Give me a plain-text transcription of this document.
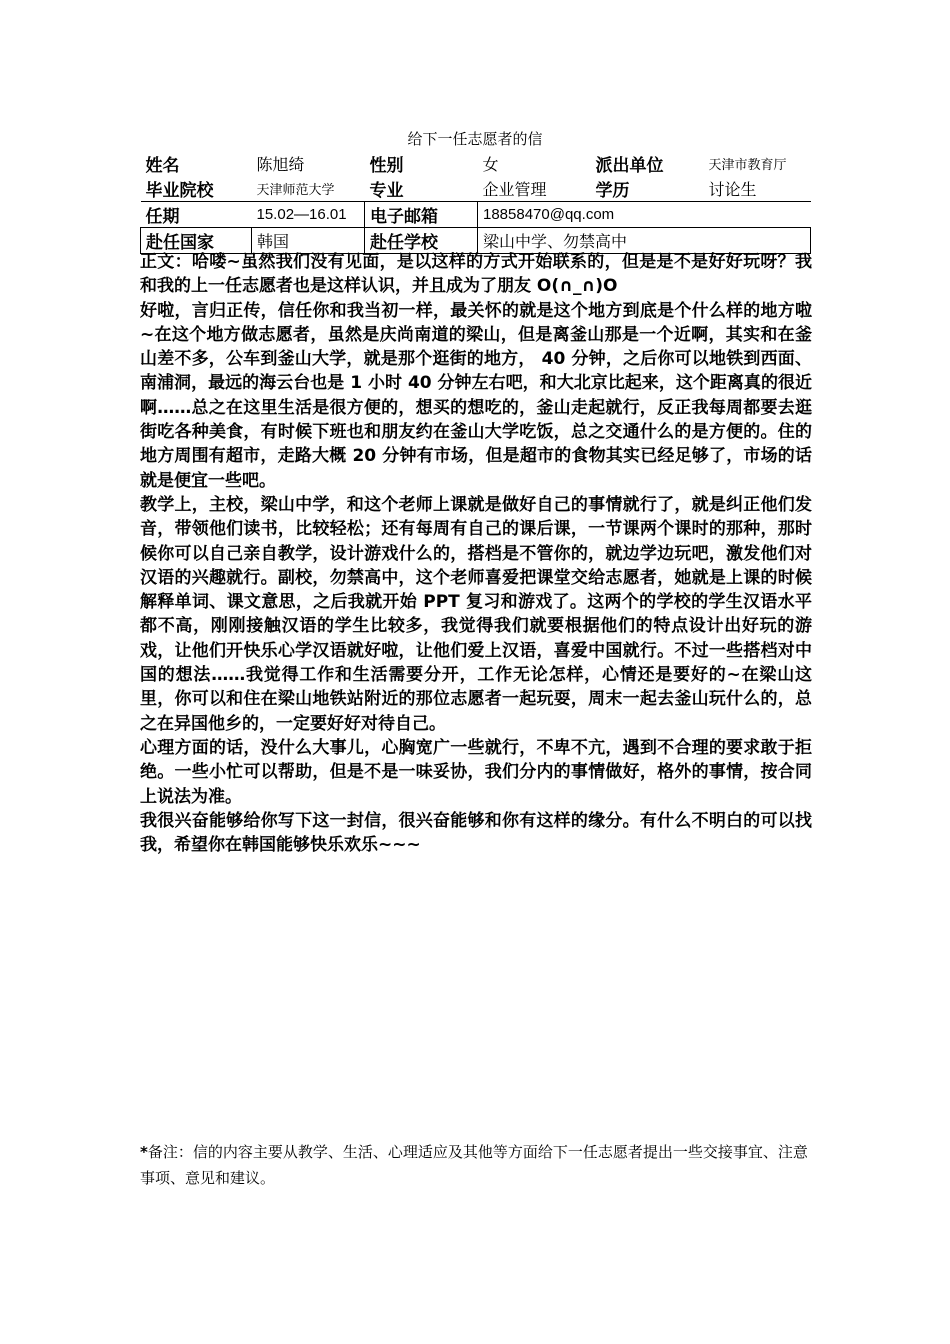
给下一任志愿者的信
姓名	陈旭绮	性别	女	派出单位	天津市教育厅
毕业院校	天津师范大学	专业	企业管理	学历	讨论生
任期	15.02—16.01	电子邮箱	18858470@qq.com		
赴任国家	韩国	赴任学校	梁山中学、勿禁高中		

正文：哈喽~虽然我们没有见面，是以这样的方式开始联系的，但是是不是好好玩呀？我和我的上一任志愿者也是这样认识，并且成为了朋友 O(∩_∩)O

好啦，言归正传，信任你和我当初一样，最关怀的就是这个地方到底是个什么样的地方啦~在这个地方做志愿者，虽然是庆尚南道的梁山，但是离釜山那是一个近啊，其实和在釜山差不多，公车到釜山大学，就是那个逛街的地方， 40 分钟，之后你可以地铁到西面、南浦洞，最远的海云台也是 1 小时 40 分钟左右吧，和大北京比起来，这个距离真的很近啊……总之在这里生活是很方便的，想买的想吃的，釜山走起就行，反正我每周都要去逛街吃各种美食，有时候下班也和朋友约在釜山大学吃饭，总之交通什么的是方便的。住的地方周围有超市，走路大概 20 分钟有市场，但是超市的食物其实已经足够了，市场的话就是便宜一些吧。

教学上，主校，梁山中学，和这个老师上课就是做好自己的事情就行了，就是纠正他们发音，带领他们读书，比较轻松；还有每周有自己的课后课，一节课两个课时的那种，那时候你可以自己亲自教学，设计游戏什么的，搭档是不管你的，就边学边玩吧，激发他们对汉语的兴趣就行。副校，勿禁高中，这个老师喜爱把课堂交给志愿者，她就是上课的时候解释单词、课文意思，之后我就开始 PPT 复习和游戏了。这两个的学校的学生汉语水平都不高，刚刚接触汉语的学生比较多，我觉得我们就要根据他们的特点设计出好玩的游戏，让他们开快乐心学汉语就好啦，让他们爱上汉语，喜爱中国就行。不过一些搭档对中国的想法……我觉得工作和生活需要分开，工作无论怎样，心情还是要好的~在梁山这里，你可以和住在梁山地铁站附近的那位志愿者一起玩耍，周末一起去釜山玩什么的，总之在异国他乡的，一定要好好对待自己。

心理方面的话，没什么大事儿，心胸宽广一些就行，不卑不亢，遇到不合理的要求敢于拒绝。一些小忙可以帮助，但是不是一味妥协，我们分内的事情做好，格外的事情，按合同上说法为准。

我很兴奋能够给你写下这一封信，很兴奋能够和你有这样的缘分。有什么不明白的可以找我，希望你在韩国能够快乐欢乐~~~

*备注：信的内容主要从教学、生活、心理适应及其他等方面给下一任志愿者提出一些交接事宜、注意事项、意见和建议。
